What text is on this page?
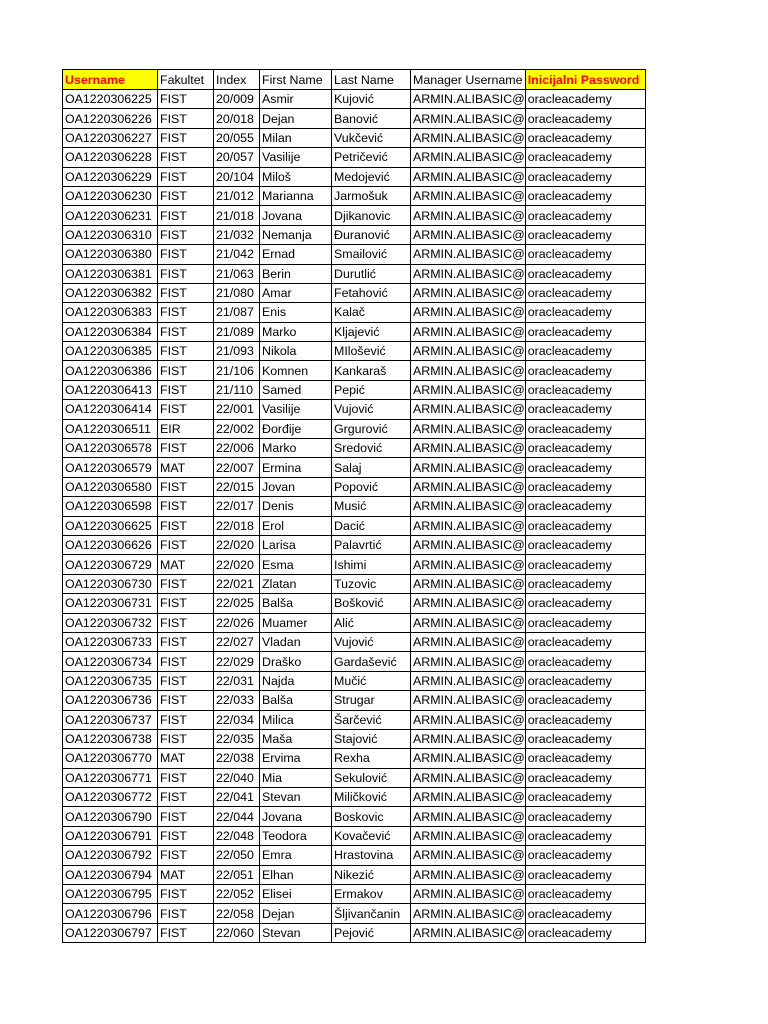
Username	Fakultet	Index	First Name	Last Name	Manager Username	Inicijalni Password
OA1220306225	FIST	20/009	Asmir	Kujović	ARMIN.ALIBASIC@	oracleacademy
OA1220306226	FIST	20/018	Dejan	Banović	ARMIN.ALIBASIC@	oracleacademy
OA1220306227	FIST	20/055	Milan	Vukčević	ARMIN.ALIBASIC@	oracleacademy
OA1220306228	FIST	20/057	Vasilije	Petričević	ARMIN.ALIBASIC@	oracleacademy
OA1220306229	FIST	20/104	Miloš	Medojević	ARMIN.ALIBASIC@	oracleacademy
OA1220306230	FIST	21/012	Marianna	Jarmošuk	ARMIN.ALIBASIC@	oracleacademy
OA1220306231	FIST	21/018	Jovana	Djikanovic	ARMIN.ALIBASIC@	oracleacademy
OA1220306310	FIST	21/032	Nemanja	Đuranović	ARMIN.ALIBASIC@	oracleacademy
OA1220306380	FIST	21/042	Ernad	Smailović	ARMIN.ALIBASIC@	oracleacademy
OA1220306381	FIST	21/063	Berin	Durutlić	ARMIN.ALIBASIC@	oracleacademy
OA1220306382	FIST	21/080	Amar	Fetahović	ARMIN.ALIBASIC@	oracleacademy
OA1220306383	FIST	21/087	Enis	Kalač	ARMIN.ALIBASIC@	oracleacademy
OA1220306384	FIST	21/089	Marko	Kljajević	ARMIN.ALIBASIC@	oracleacademy
OA1220306385	FIST	21/093	Nikola	MIlošević	ARMIN.ALIBASIC@	oracleacademy
OA1220306386	FIST	21/106	Komnen	Kankaraš	ARMIN.ALIBASIC@	oracleacademy
OA1220306413	FIST	21/110	Samed	Pepić	ARMIN.ALIBASIC@	oracleacademy
OA1220306414	FIST	22/001	Vasilije	Vujović	ARMIN.ALIBASIC@	oracleacademy
OA1220306511	EIR	22/002	Đorđije	Grgurović	ARMIN.ALIBASIC@	oracleacademy
OA1220306578	FIST	22/006	Marko	Sredović	ARMIN.ALIBASIC@	oracleacademy
OA1220306579	MAT	22/007	Ermina	Salaj	ARMIN.ALIBASIC@	oracleacademy
OA1220306580	FIST	22/015	Jovan	Popović	ARMIN.ALIBASIC@	oracleacademy
OA1220306598	FIST	22/017	Denis	Musić	ARMIN.ALIBASIC@	oracleacademy
OA1220306625	FIST	22/018	Erol	Dacić	ARMIN.ALIBASIC@	oracleacademy
OA1220306626	FIST	22/020	Larisa	Palavrtić	ARMIN.ALIBASIC@	oracleacademy
OA1220306729	MAT	22/020	Esma	Ishimi	ARMIN.ALIBASIC@	oracleacademy
OA1220306730	FIST	22/021	Zlatan	Tuzovic	ARMIN.ALIBASIC@	oracleacademy
OA1220306731	FIST	22/025	Balša	Bošković	ARMIN.ALIBASIC@	oracleacademy
OA1220306732	FIST	22/026	Muamer	Alić	ARMIN.ALIBASIC@	oracleacademy
OA1220306733	FIST	22/027	Vladan	Vujović	ARMIN.ALIBASIC@	oracleacademy
OA1220306734	FIST	22/029	Draško	Gardašević	ARMIN.ALIBASIC@	oracleacademy
OA1220306735	FIST	22/031	Najda	Mučić	ARMIN.ALIBASIC@	oracleacademy
OA1220306736	FIST	22/033	Balša	Strugar	ARMIN.ALIBASIC@	oracleacademy
OA1220306737	FIST	22/034	Milica	Šarčević	ARMIN.ALIBASIC@	oracleacademy
OA1220306738	FIST	22/035	Maša	Stajović	ARMIN.ALIBASIC@	oracleacademy
OA1220306770	MAT	22/038	Ervima	Rexha	ARMIN.ALIBASIC@	oracleacademy
OA1220306771	FIST	22/040	Mia	Sekulović	ARMIN.ALIBASIC@	oracleacademy
OA1220306772	FIST	22/041	Stevan	Miličković	ARMIN.ALIBASIC@	oracleacademy
OA1220306790	FIST	22/044	Jovana	Boskovic	ARMIN.ALIBASIC@	oracleacademy
OA1220306791	FIST	22/048	Teodora	Kovačević	ARMIN.ALIBASIC@	oracleacademy
OA1220306792	FIST	22/050	Emra	Hrastovina	ARMIN.ALIBASIC@	oracleacademy
OA1220306794	MAT	22/051	Elhan	Nikezić	ARMIN.ALIBASIC@	oracleacademy
OA1220306795	FIST	22/052	Elisei	Ermakov	ARMIN.ALIBASIC@	oracleacademy
OA1220306796	FIST	22/058	Dejan	Šljivančanin	ARMIN.ALIBASIC@	oracleacademy
OA1220306797	FIST	22/060	Stevan	Pejović	ARMIN.ALIBASIC@	oracleacademy
